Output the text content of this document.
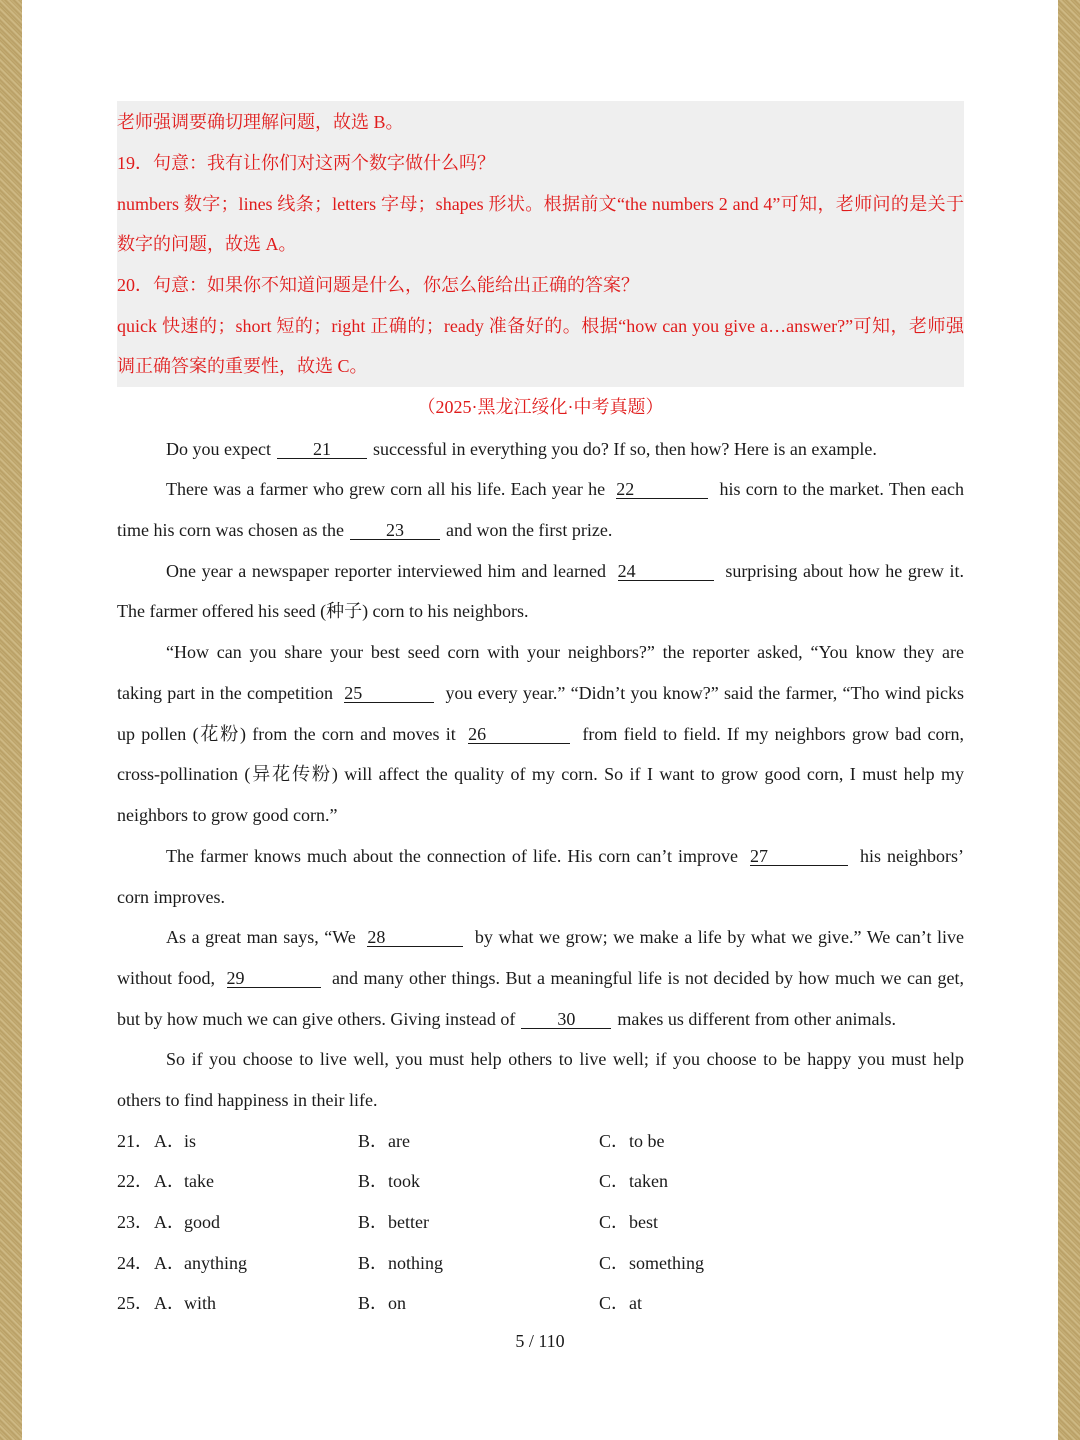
老师强调要确切理解问题，故选 B。
19．句意：我有让你们对这两个数字做什么吗？
numbers 数字；lines 线条；letters 字母；shapes 形状。根据前文“the numbers 2 and 4”可知，老师问的是关于
数字的问题，故选 A。
20．句意：如果你不知道问题是什么，你怎么能给出正确的答案？
quick 快速的；short 短的；right 正确的；ready 准备好的。根据“how can you give a…answer?”可知，老师强
调正确答案的重要性，故选 C。
（2025·黑龙江绥化·中考真题）
Do you expect 21 successful in everything you do? If so, then how? Here is an example.
There was a farmer who grew corn all his life. Each year he 22	his corn to the market. Then each
time his corn was chosen as the 23 and won the first prize.
One year a newspaper reporter interviewed him and learned 24	surprising about how he grew it.
The farmer offered his seed (种子) corn to his neighbors.
“How can you share your best seed corn with your neighbors?” the reporter asked, “You know they are
taking part in the competition 25	you every year.” “Didn’t you know?” said the farmer, “Tho wind picks
up pollen (花粉) from the corn and moves it 26	from field to field. If my neighbors grow bad corn,
cross-pollination (异花传粉) will affect the quality of my corn. So if I want to grow good corn, I must help my
neighbors to grow good corn.”
The farmer knows much about the connection of life. His corn can’t improve 27	his neighbors’
corn improves.
As a great man says, “We 28	by what we grow; we make a life by what we give.” We can’t live
without food, 29	and many other things. But a meaningful life is not decided by how much we can get,
but by how much we can give others. Giving instead of 30 makes us different from other animals.
So if you choose to live well, you must help others to live well; if you choose to be happy you must help
others to find happiness in their life.
21． A．is	B．are	C．to be
22． A．take	B．took	C．taken
23． A．good	B．better	C．best
24． A．anything	B．nothing	C．something
25． A．with	B．on	C．at
5 / 110
